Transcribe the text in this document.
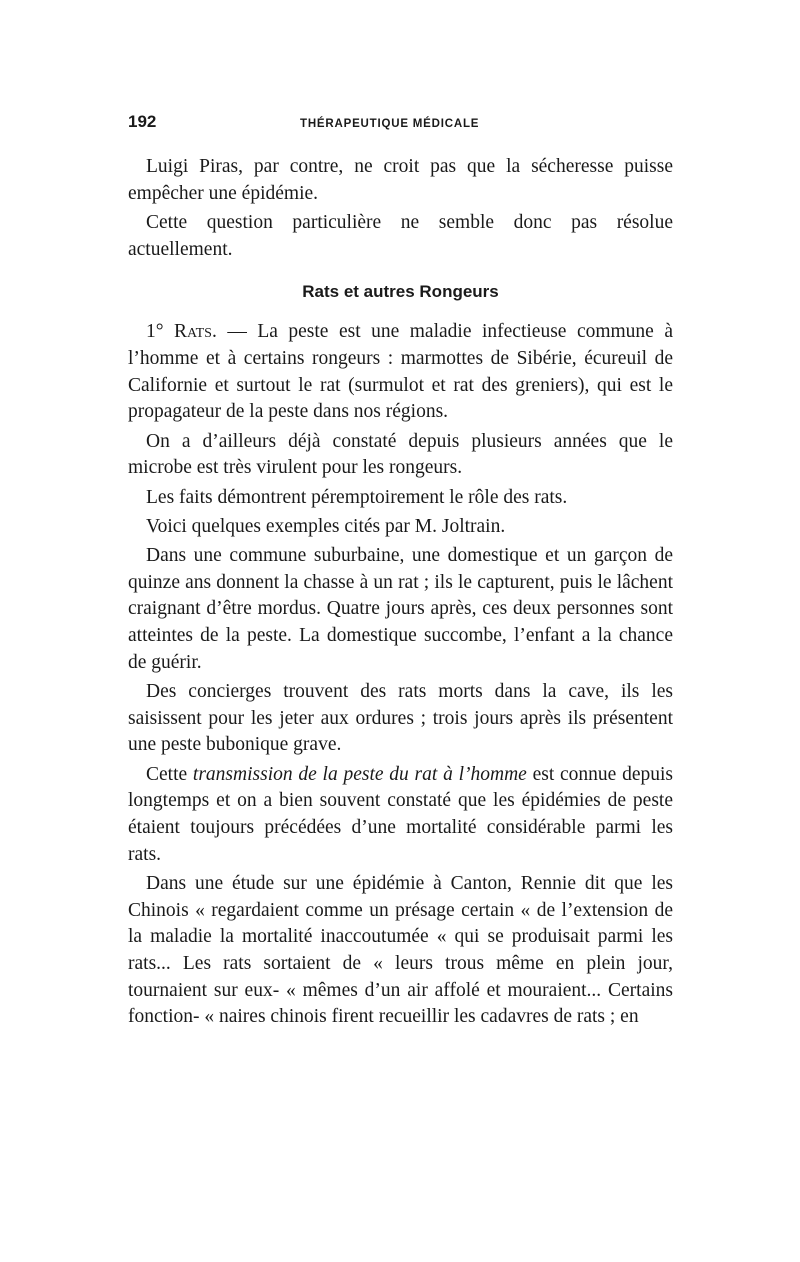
192	THÉRAPEUTIQUE MÉDICALE

Luigi Piras, par contre, ne croit pas que la sécheresse puisse empêcher une épidémie.

Cette question particulière ne semble donc pas résolue actuellement.

Rats et autres Rongeurs

1° Rats. — La peste est une maladie infectieuse commune à l’homme et à certains rongeurs : marmottes de Sibérie, écureuil de Californie et surtout le rat (surmulot et rat des greniers), qui est le propagateur de la peste dans nos régions.

On a d’ailleurs déjà constaté depuis plusieurs années que le microbe est très virulent pour les rongeurs.

Les faits démontrent péremptoirement le rôle des rats.

Voici quelques exemples cités par M. Joltrain.

Dans une commune suburbaine, une domestique et un garçon de quinze ans donnent la chasse à un rat ; ils le capturent, puis le lâchent craignant d’être mordus. Quatre jours après, ces deux personnes sont atteintes de la peste. La domestique succombe, l’enfant a la chance de guérir.

Des concierges trouvent des rats morts dans la cave, ils les saisissent pour les jeter aux ordures ; trois jours après ils présentent une peste bubonique grave.

Cette transmission de la peste du rat à l’homme est connue depuis longtemps et on a bien souvent constaté que les épidémies de peste étaient toujours précédées d’une mortalité considérable parmi les rats.

Dans une étude sur une épidémie à Canton, Rennie dit que les Chinois « regardaient comme un présage certain « de l’extension de la maladie la mortalité inaccoutumée « qui se produisait parmi les rats... Les rats sortaient de « leurs trous même en plein jour, tournaient sur eux- « mêmes d’un air affolé et mouraient... Certains fonction- « naires chinois firent recueillir les cadavres de rats ; en
